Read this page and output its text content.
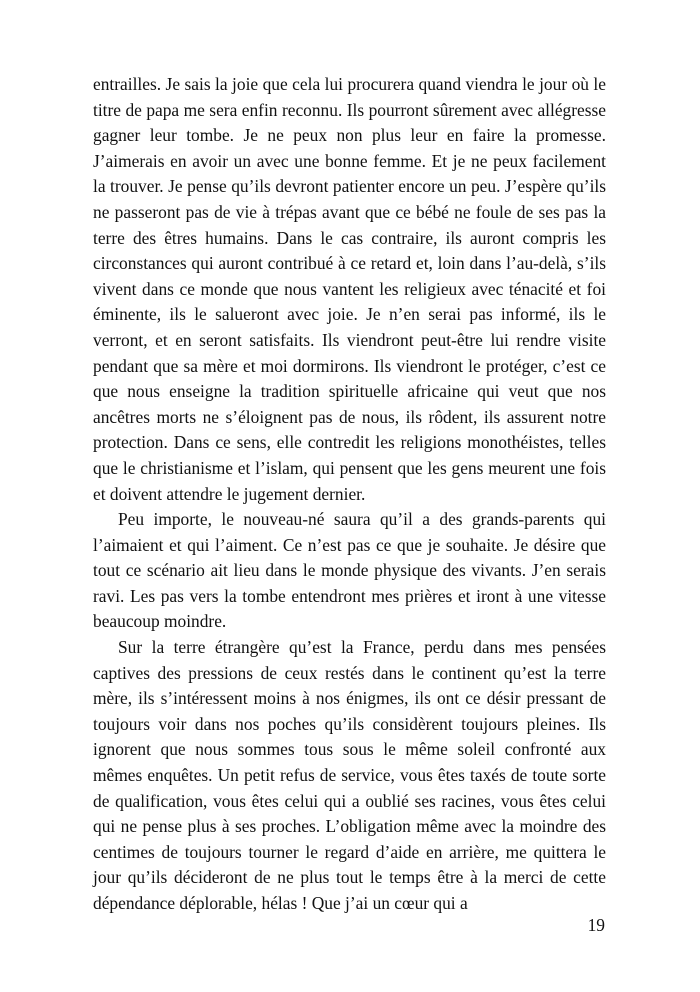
entrailles. Je sais la joie que cela lui procurera quand viendra le jour où le titre de papa me sera enfin reconnu. Ils pourront sûrement avec allégresse gagner leur tombe. Je ne peux non plus leur en faire la promesse. J’aimerais en avoir un avec une bonne femme. Et je ne peux facilement la trouver. Je pense qu’ils devront patienter encore un peu. J’espère qu’ils ne passeront pas de vie à trépas avant que ce bébé ne foule de ses pas la terre des êtres humains. Dans le cas contraire, ils auront compris les circonstances qui auront contribué à ce retard et, loin dans l’au-delà, s’ils vivent dans ce monde que nous vantent les religieux avec ténacité et foi éminente, ils le salueront avec joie. Je n’en serai pas informé, ils le verront, et en seront satisfaits. Ils viendront peut-être lui rendre visite pendant que sa mère et moi dormirons. Ils viendront le protéger, c’est ce que nous enseigne la tradition spirituelle africaine qui veut que nos ancêtres morts ne s’éloignent pas de nous, ils rôdent, ils assurent notre protection. Dans ce sens, elle contredit les religions monothéistes, telles que le christianisme et l’islam, qui pensent que les gens meurent une fois et doivent attendre le jugement dernier.

Peu importe, le nouveau-né saura qu’il a des grands-parents qui l’aimaient et qui l’aiment. Ce n’est pas ce que je souhaite. Je désire que tout ce scénario ait lieu dans le monde physique des vivants. J’en serais ravi. Les pas vers la tombe entendront mes prières et iront à une vitesse beaucoup moindre.

Sur la terre étrangère qu’est la France, perdu dans mes pensées captives des pressions de ceux restés dans le continent qu’est la terre mère, ils s’intéressent moins à nos énigmes, ils ont ce désir pressant de toujours voir dans nos poches qu’ils considèrent toujours pleines. Ils ignorent que nous sommes tous sous le même soleil confronté aux mêmes enquêtes. Un petit refus de service, vous êtes taxés de toute sorte de qualification, vous êtes celui qui a oublié ses racines, vous êtes celui qui ne pense plus à ses proches. L’obligation même avec la moindre des centimes de toujours tourner le regard d’aide en arrière, me quittera le jour qu’ils décideront de ne plus tout le temps être à la merci de cette dépendance déplorable, hélas ! Que j’ai un cœur qui a

19
